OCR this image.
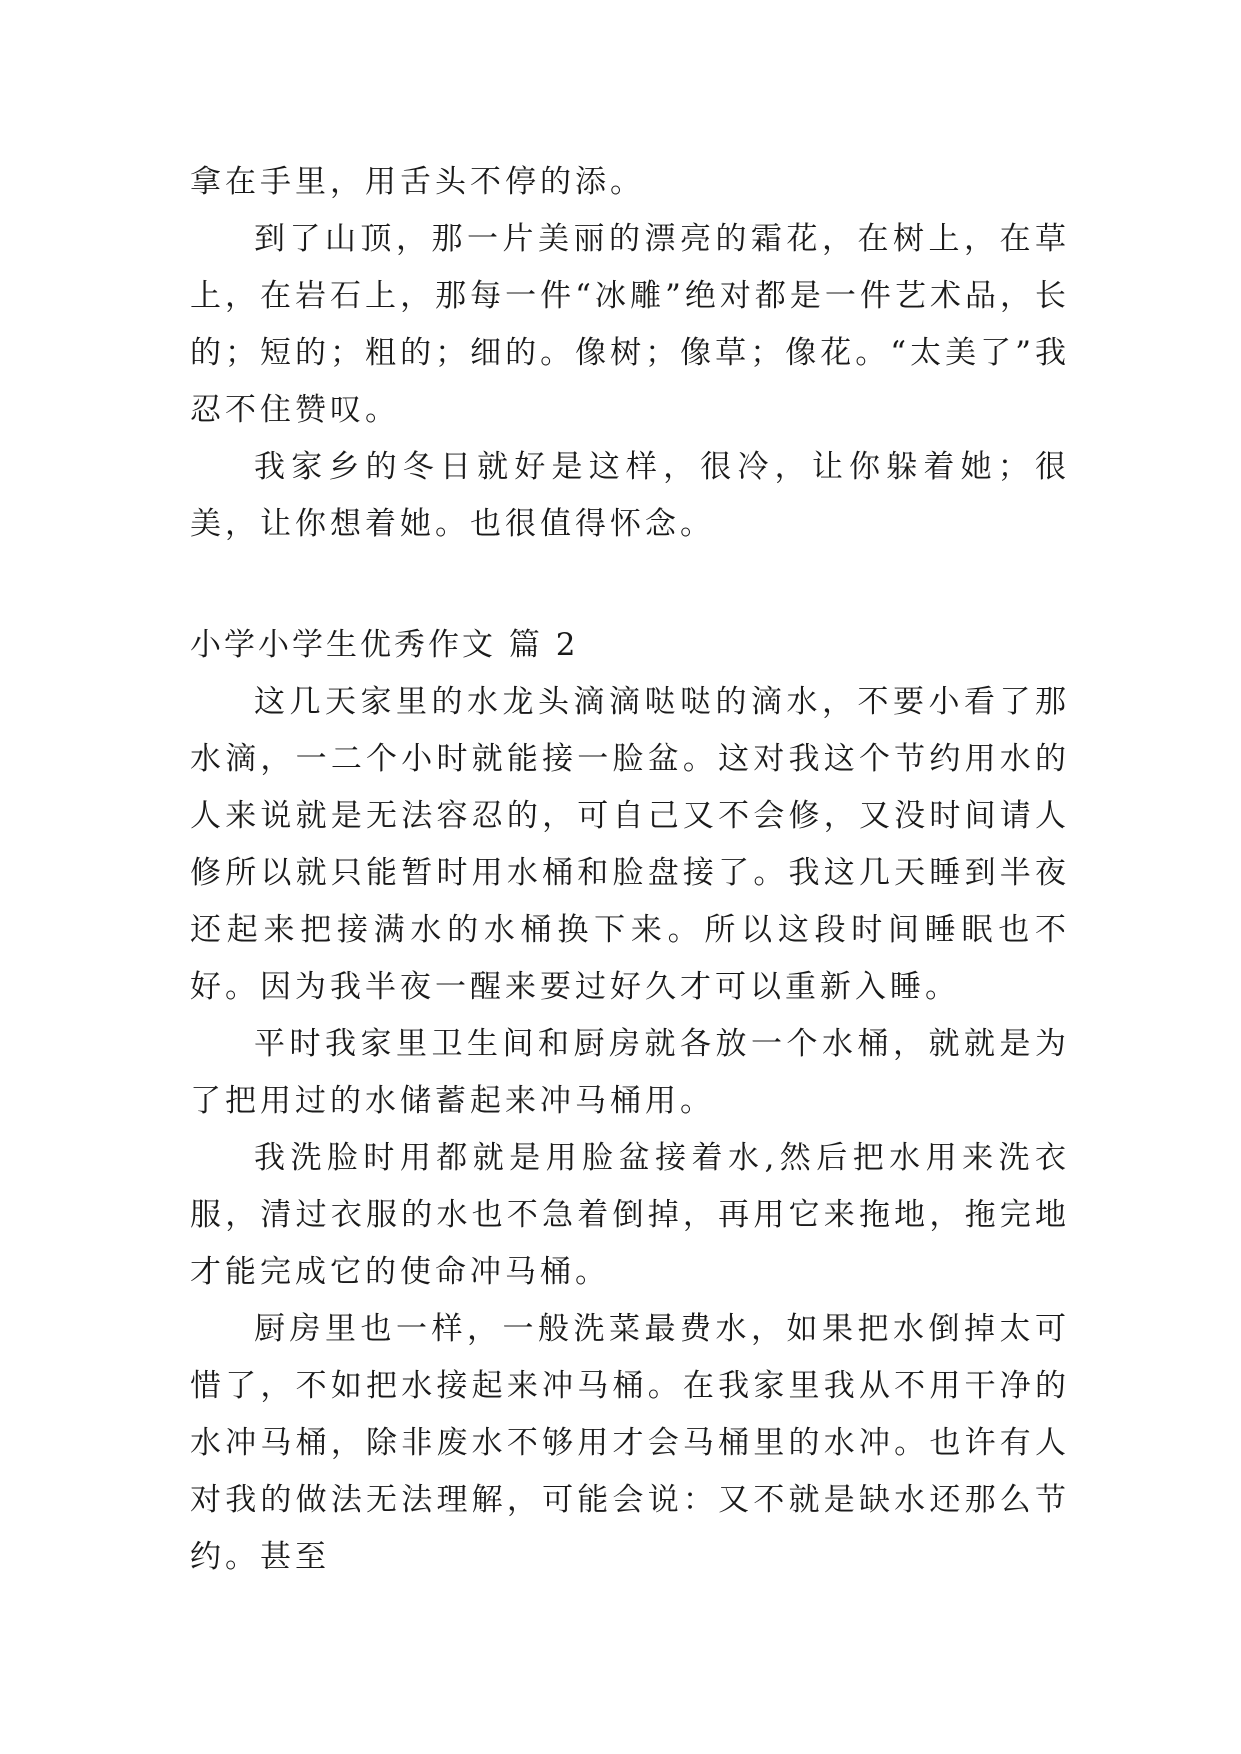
拿在手里，用舌头不停的添。

到了山顶，那一片美丽的漂亮的霜花，在树上，在草上，在岩石上，那每一件“冰雕”绝对都是一件艺术品，长的；短的；粗的；细的。像树；像草；像花。“太美了”我忍不住赞叹。

我家乡的冬日就好是这样，很冷，让你躲着她；很美，让你想着她。也很值得怀念。

小学小学生优秀作文 篇 2

这几天家里的水龙头滴滴哒哒的滴水，不要小看了那水滴，一二个小时就能接一脸盆。这对我这个节约用水的人来说就是无法容忍的，可自己又不会修，又没时间请人修所以就只能暂时用水桶和脸盘接了。我这几天睡到半夜还起来把接满水的水桶换下来。所以这段时间睡眠也不好。因为我半夜一醒来要过好久才可以重新入睡。

平时我家里卫生间和厨房就各放一个水桶，就就是为了把用过的水储蓄起来冲马桶用。

我洗脸时用都就是用脸盆接着水,然后把水用来洗衣服，清过衣服的水也不急着倒掉，再用它来拖地，拖完地才能完成它的使命冲马桶。

厨房里也一样，一般洗菜最费水，如果把水倒掉太可惜了，不如把水接起来冲马桶。在我家里我从不用干净的水冲马桶，除非废水不够用才会马桶里的水冲。也许有人对我的做法无法理解，可能会说：又不就是缺水还那么节约。甚至
